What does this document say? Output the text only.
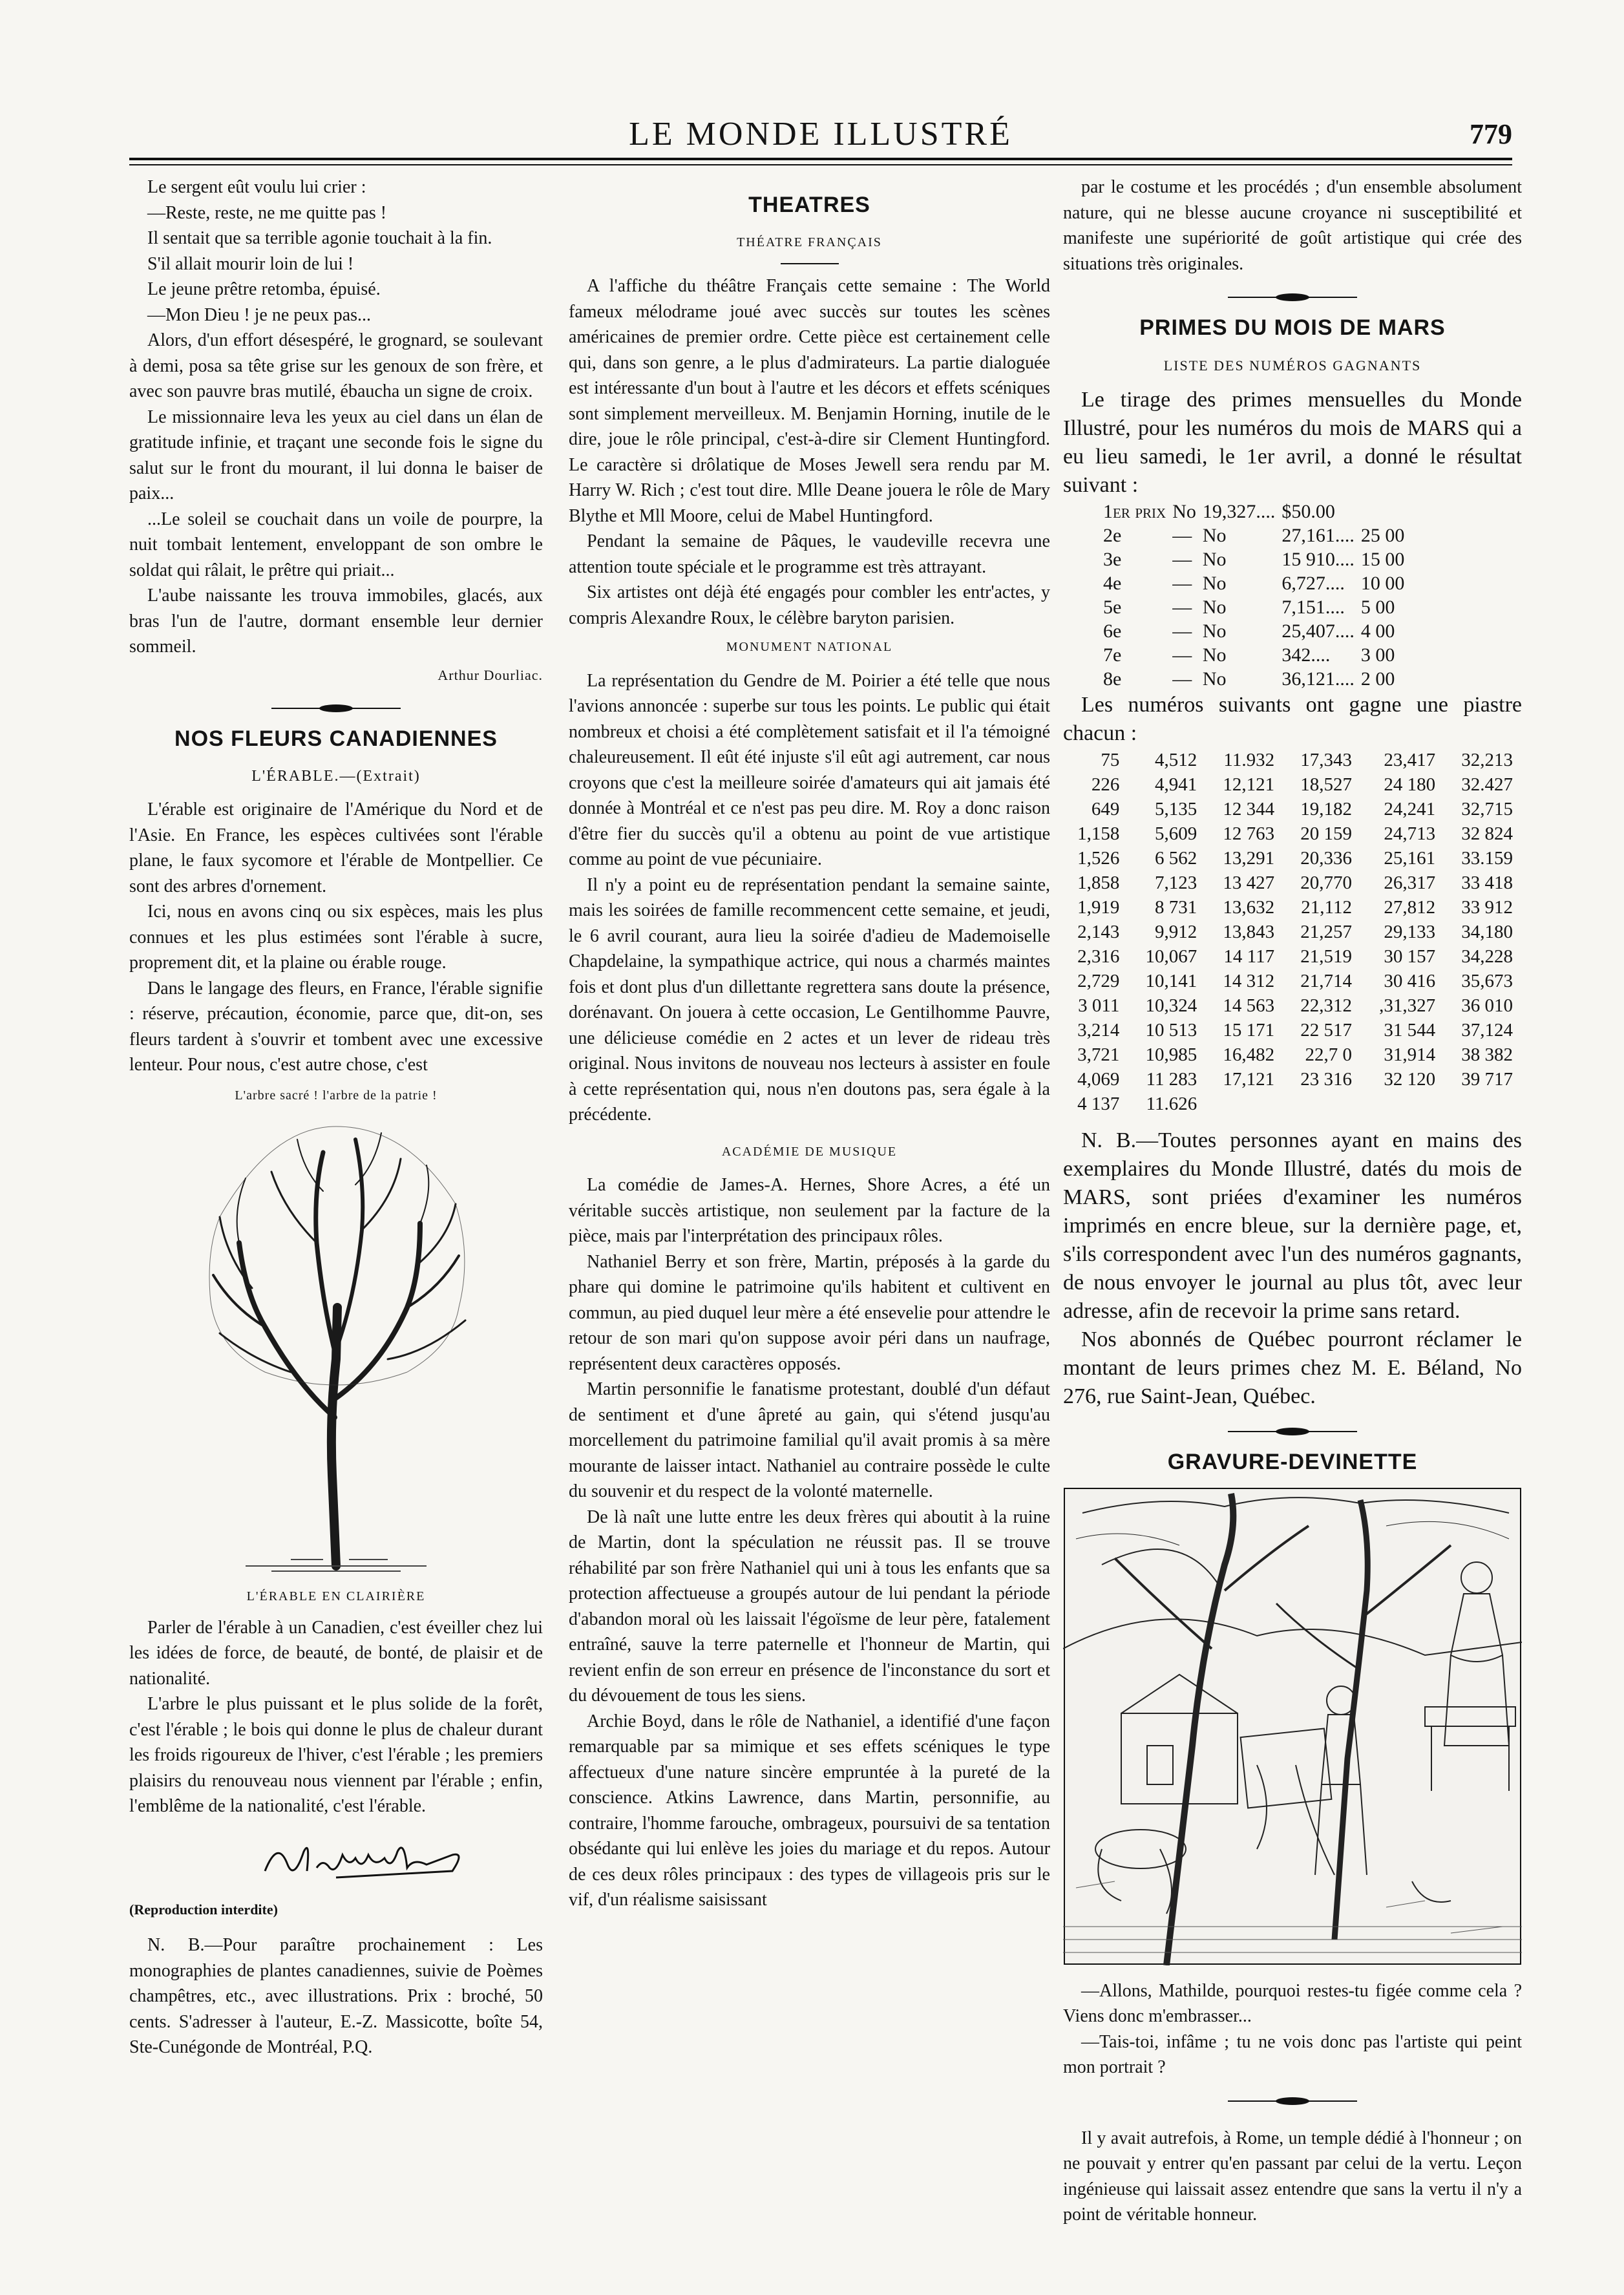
LE MONDE ILLUSTRÉ	779

Le sergent eût voulu lui crier :

—Reste, reste, ne me quitte pas !

Il sentait que sa terrible agonie touchait à la fin.

S'il allait mourir loin de lui !

Le jeune prêtre retomba, épuisé.

—Mon Dieu ! je ne peux pas...

Alors, d'un effort désespéré, le grognard, se soulevant à demi, posa sa tête grise sur les genoux de son frère, et avec son pauvre bras mutilé, ébaucha un signe de croix.

Le missionnaire leva les yeux au ciel dans un élan de gratitude infinie, et traçant une seconde fois le signe du salut sur le front du mourant, il lui donna le baiser de paix...

...Le soleil se couchait dans un voile de pourpre, la nuit tombait lentement, enveloppant de son ombre le soldat qui râlait, le prêtre qui priait...

L'aube naissante les trouva immobiles, glacés, aux bras l'un de l'autre, dormant ensemble leur dernier sommeil.

Arthur Dourliac.

NOS FLEURS CANADIENNES
L'ÉRABLE.—(Extrait)

L'érable est originaire de l'Amérique du Nord et de l'Asie. En France, les espèces cultivées sont l'érable plane, le faux sycomore et l'érable de Montpellier. Ce sont des arbres d'ornement.

Ici, nous en avons cinq ou six espèces, mais les plus connues et les plus estimées sont l'érable à sucre, proprement dit, et la plaine ou érable rouge.

Dans le langage des fleurs, en France, l'érable signifie : réserve, précaution, économie, parce que, dit-on, ses fleurs tardent à s'ouvrir et tombent avec une excessive lenteur. Pour nous, c'est autre chose, c'est

L'arbre sacré ! l'arbre de la patrie !
L'ÉRABLE EN CLAIRIÈRE

Parler de l'érable à un Canadien, c'est éveiller chez lui les idées de force, de beauté, de bonté, de plaisir et de nationalité.

L'arbre le plus puissant et le plus solide de la forêt, c'est l'érable ; le bois qui donne le plus de chaleur durant les froids rigoureux de l'hiver, c'est l'érable ; les premiers plaisirs du renouveau nous viennent par l'érable ; enfin, l'emblême de la nationalité, c'est l'érable.

(Reproduction interdite)

N. B.—Pour paraître prochainement : Les monographies de plantes canadiennes, suivie de Poèmes champêtres, etc., avec illustrations. Prix : broché, 50 cents. S'adresser à l'auteur, E.-Z. Massicotte, boîte 54, Ste-Cunégonde de Montréal, P.Q.

THEATRES
THÉATRE FRANÇAIS

A l'affiche du théâtre Français cette semaine : The World fameux mélodrame joué avec succès sur toutes les scènes américaines de premier ordre. Cette pièce est certainement celle qui, dans son genre, a le plus d'admirateurs. La partie dialoguée est intéressante d'un bout à l'autre et les décors et effets scéniques sont simplement merveilleux. M. Benjamin Horning, inutile de le dire, joue le rôle principal, c'est-à-dire sir Clement Huntingford. Le caractère si drôlatique de Moses Jewell sera rendu par M. Harry W. Rich ; c'est tout dire. Mlle Deane jouera le rôle de Mary Blythe et Mll Moore, celui de Mabel Huntingford.

Pendant la semaine de Pâques, le vaudeville recevra une attention toute spéciale et le programme est très attrayant.

Six artistes ont déjà été engagés pour combler les entr'actes, y compris Alexandre Roux, le célèbre baryton parisien.

MONUMENT NATIONAL

La représentation du Gendre de M. Poirier a été telle que nous l'avions annoncée : superbe sur tous les points. Le public qui était nombreux et choisi a été complètement satisfait et il l'a témoigné chaleureusement. Il eût été injuste s'il eût agi autrement, car nous croyons que c'est la meilleure soirée d'amateurs qui ait jamais été donnée à Montréal et ce n'est pas peu dire. M. Roy a donc raison d'être fier du succès qu'il a obtenu au point de vue artistique comme au point de vue pécuniaire.

Il n'y a point eu de représentation pendant la semaine sainte, mais les soirées de famille recommencent cette semaine, et jeudi, le 6 avril courant, aura lieu la soirée d'adieu de Mademoiselle Chapdelaine, la sympathique actrice, qui nous a charmés maintes fois et dont plus d'un dillettante regrettera sans doute la présence, dorénavant. On jouera à cette occasion, Le Gentilhomme Pauvre, une délicieuse comédie en 2 actes et un lever de rideau très original. Nous invitons de nouveau nos lecteurs à assister en foule à cette représentation qui, nous n'en doutons pas, sera égale à la précédente.

ACADÉMIE DE MUSIQUE

La comédie de James-A. Hernes, Shore Acres, a été un véritable succès artistique, non seulement par la facture de la pièce, mais par l'interprétation des principaux rôles.

Nathaniel Berry et son frère, Martin, préposés à la garde du phare qui domine le patrimoine qu'ils habitent et cultivent en commun, au pied duquel leur mère a été ensevelie pour attendre le retour de son mari qu'on suppose avoir péri dans un naufrage, représentent deux caractères opposés.

Martin personnifie le fanatisme protestant, doublé d'un défaut de sentiment et d'une âpreté au gain, qui s'étend jusqu'au morcellement du patrimoine familial qu'il avait promis à sa mère mourante de laisser intact. Nathaniel au contraire possède le culte du souvenir et du respect de la volonté maternelle.

De là naît une lutte entre les deux frères qui aboutit à la ruine de Martin, dont la spéculation ne réussit pas. Il se trouve réhabilité par son frère Nathaniel qui uni à tous les enfants que sa protection affectueuse a groupés autour de lui pendant la période d'abandon moral où les laissait l'égoïsme de leur père, fatalement entraîné, sauve la terre paternelle et l'honneur de Martin, qui revient enfin de son erreur en présence de l'inconstance du sort et du dévouement de tous les siens.

Archie Boyd, dans le rôle de Nathaniel, a identifié d'une façon remarquable par sa mimique et ses effets scéniques le type affectueux d'une nature sincère empruntée à la pureté de la conscience. Atkins Lawrence, dans Martin, personnifie, au contraire, l'homme farouche, ombrageux, poursuivi de sa tentation obsédante qui lui enlève les joies du mariage et du repos. Autour de ces deux rôles principaux : des types de villageois pris sur le vif, d'un réalisme saisissant

par le costume et les procédés ; d'un ensemble absolument nature, qui ne blesse aucune croyance ni susceptibilité et manifeste une supériorité de goût artistique qui crée des situations très originales.

PRIMES DU MOIS DE MARS
LISTE DES NUMÉROS GAGNANTS

Le tirage des primes mensuelles du Monde Illustré, pour les numéros du mois de MARS qui a eu lieu samedi, le 1er avril, a donné le résultat suivant :

1er prix	No	19,327....	$50.00	
2e	—	No	27,161....	25 00
3e	—	No	15 910....	15 00
4e	—	No	6,727....	10 00
5e	—	No	7,151....	5 00
6e	—	No	25,407....	4 00
7e	—	No	342....	3 00
8e	—	No	36,121....	2 00

Les numéros suivants ont gagne une piastre chacun :

75	4,512	11.932	17,343	23,417	32,213
226	4,941	12,121	18,527	24 180	32.427
649	5,135	12 344	19,182	24,241	32,715
1,158	5,609	12 763	20 159	24,713	32 824
1,526	6 562	13,291	20,336	25,161	33.159
1,858	7,123	13 427	20,770	26,317	33 418
1,919	8 731	13,632	21,112	27,812	33 912
2,143	9,912	13,843	21,257	29,133	34,180
2,316	10,067	14 117	21,519	30 157	34,228
2,729	10,141	14 312	21,714	30 416	35,673
3 011	10,324	14 563	22,312	,31,327	36 010
3,214	10 513	15 171	22 517	31 544	37,124
3,721	10,985	16,482	22,7 0	31,914	38 382
4,069	11 283	17,121	23 316	32 120	39 717
4 137	11.626				

N. B.—Toutes personnes ayant en mains des exemplaires du Monde Illustré, datés du mois de MARS, sont priées d'examiner les numéros imprimés en encre bleue, sur la dernière page, et, s'ils correspondent avec l'un des numéros gagnants, de nous envoyer le journal au plus tôt, avec leur adresse, afin de recevoir la prime sans retard.

Nos abonnés de Québec pourront réclamer le montant de leurs primes chez M. E. Béland, No 276, rue Saint-Jean, Québec.

GRAVURE-DEVINETTE

—Allons, Mathilde, pourquoi restes-tu figée comme cela ? Viens donc m'embrasser...

—Tais-toi, infâme ; tu ne vois donc pas l'artiste qui peint mon portrait ?

Il y avait autrefois, à Rome, un temple dédié à l'honneur ; on ne pouvait y entrer qu'en passant par celui de la vertu. Leçon ingénieuse qui laissait assez entendre que sans la vertu il n'y a point de véritable honneur.
